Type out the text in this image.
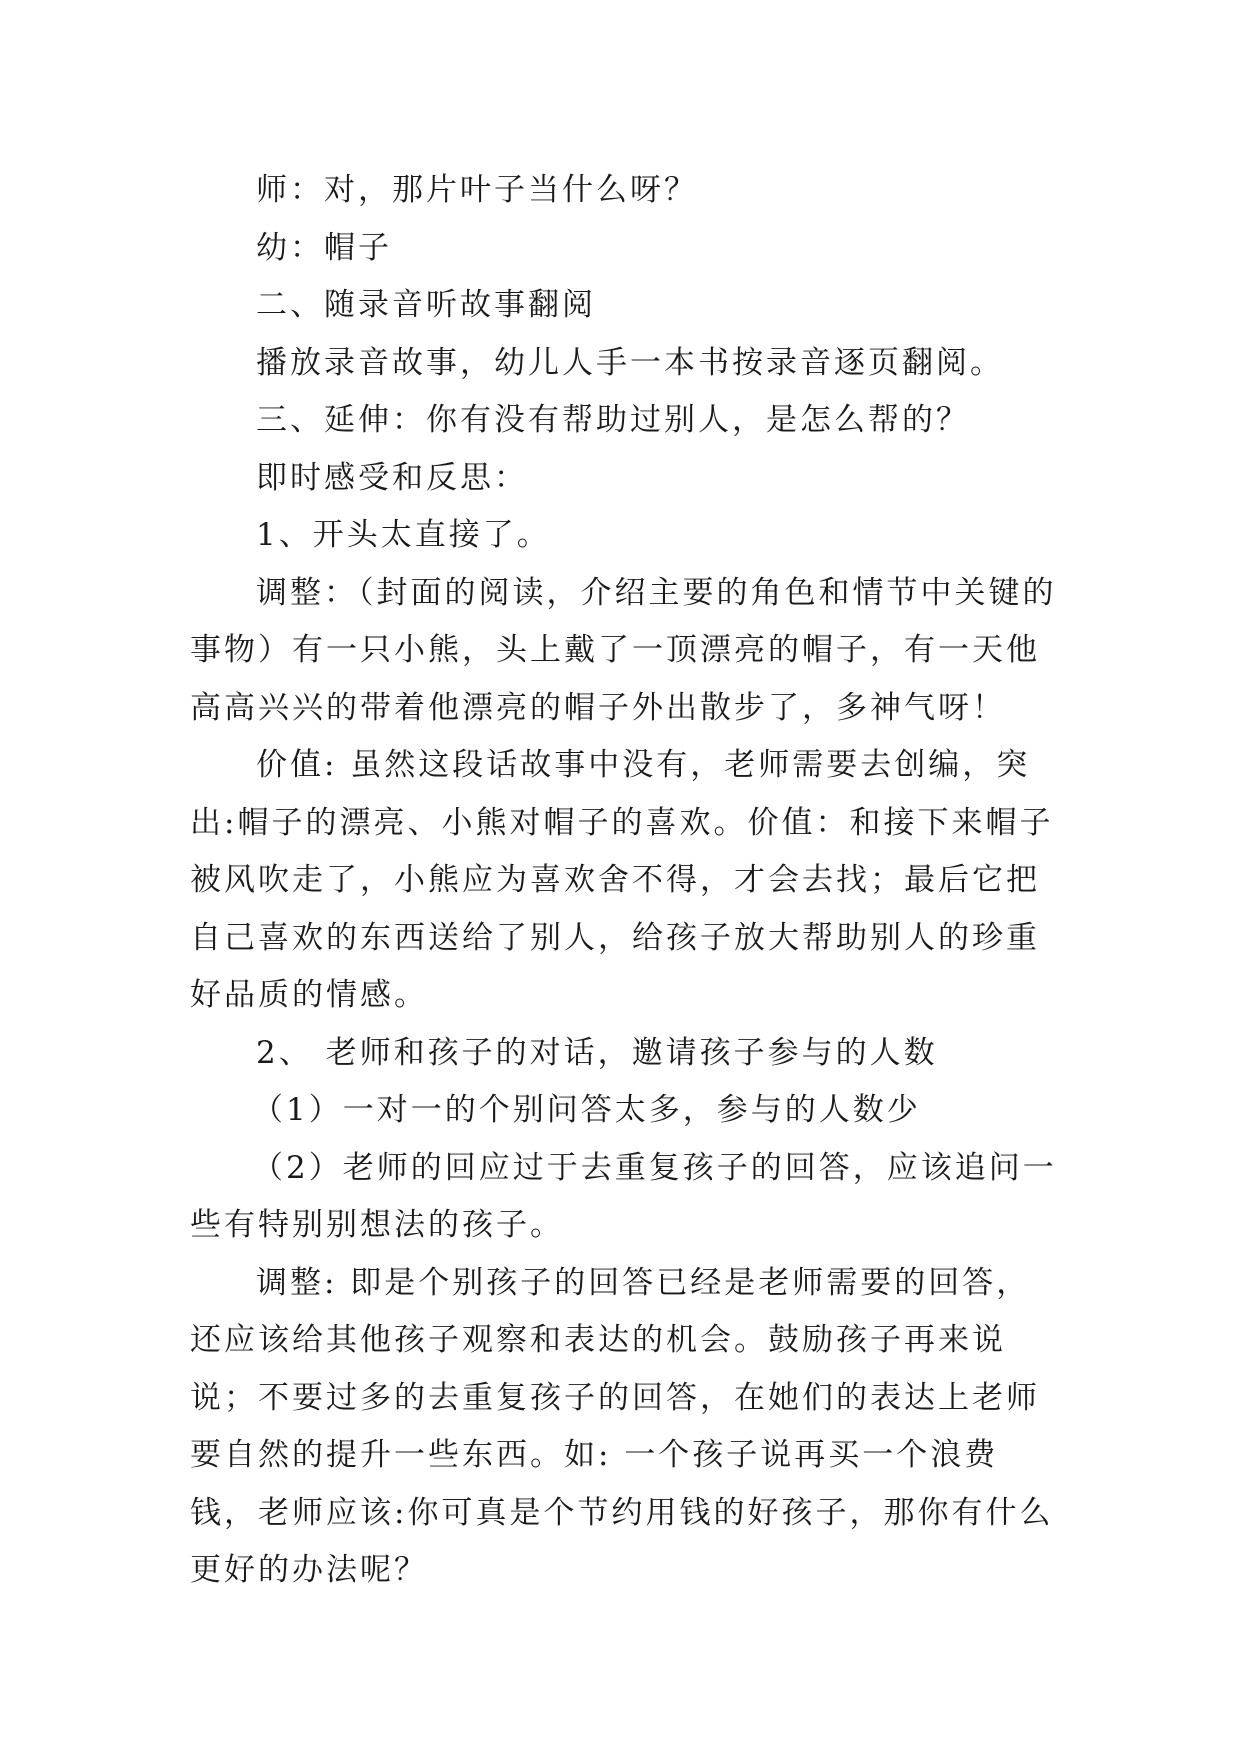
师：对，那片叶子当什么呀？

幼：帽子

二、随录音听故事翻阅

播放录音故事，幼儿人手一本书按录音逐页翻阅。

三、延伸：你有没有帮助过别人，是怎么帮的？

即时感受和反思：

1、开头太直接了。

调整：（封面的阅读，介绍主要的角色和情节中关键的事物）有一只小熊，头上戴了一顶漂亮的帽子，有一天他高高兴兴的带着他漂亮的帽子外出散步了，多神气呀！

价值: 虽然这段话故事中没有，老师需要去创编，突出:帽子的漂亮、小熊对帽子的喜欢。价值：和接下来帽子被风吹走了，小熊应为喜欢舍不得，才会去找；最后它把自己喜欢的东西送给了别人，给孩子放大帮助别人的珍重好品质的情感。

2、 老师和孩子的对话，邀请孩子参与的人数

（1）一对一的个别问答太多，参与的人数少

（2）老师的回应过于去重复孩子的回答，应该追问一些有特别别想法的孩子。

调整: 即是个别孩子的回答已经是老师需要的回答，还应该给其他孩子观察和表达的机会。鼓励孩子再来说说；不要过多的去重复孩子的回答，在她们的表达上老师要自然的提升一些东西。如: 一个孩子说再买一个浪费钱，老师应该:你可真是个节约用钱的好孩子，那你有什么更好的办法呢？
